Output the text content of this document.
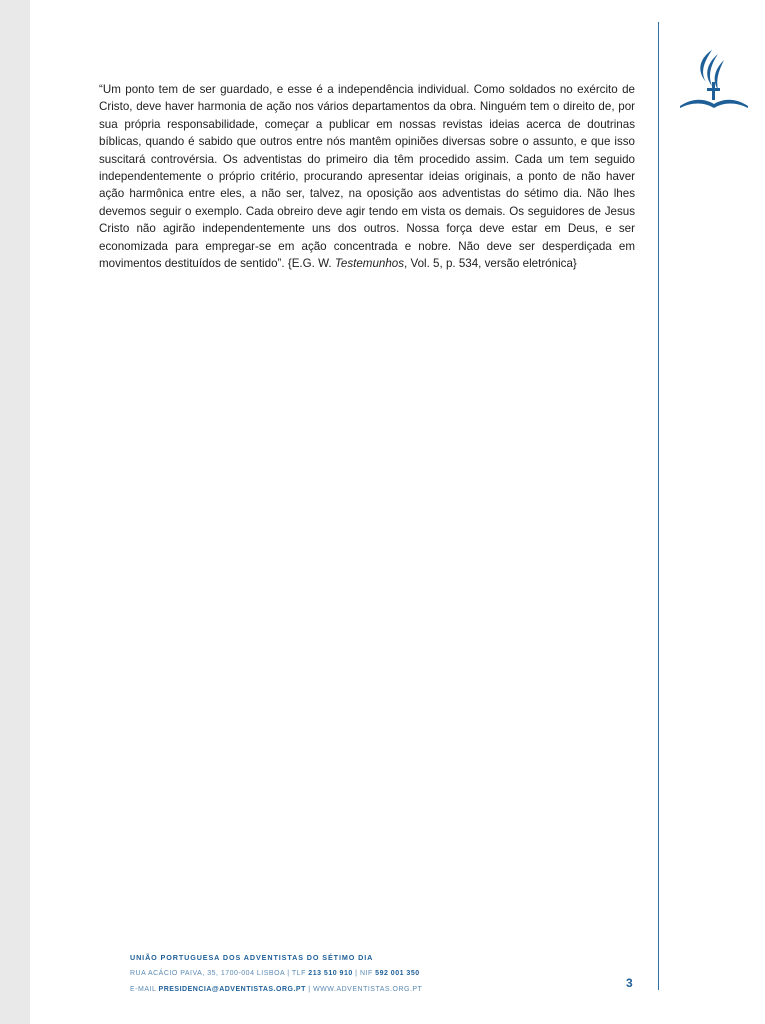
“Um ponto tem de ser guardado, e esse é a independência individual. Como soldados no exército de Cristo, deve haver harmonia de ação nos vários departamentos da obra. Ninguém tem o direito de, por sua própria responsabilidade, começar a publicar em nossas revistas ideias acerca de doutrinas bíblicas, quando é sabido que outros entre nós mantêm opiniões diversas sobre o assunto, e que isso suscitará controvérsia. Os adventistas do primeiro dia têm procedido assim. Cada um tem seguido independentemente o próprio critério, procurando apresentar ideias originais, a ponto de não haver ação harmônica entre eles, a não ser, talvez, na oposição aos adventistas do sétimo dia. Não lhes devemos seguir o exemplo. Cada obreiro deve agir tendo em vista os demais. Os seguidores de Jesus Cristo não agirão independentemente uns dos outros. Nossa força deve estar em Deus, e ser economizada para empregar-se em ação concentrada e nobre. Não deve ser desperdiçada em movimentos destituídos de sentido”. {E.G. W. Testemunhos, Vol. 5, p. 534, versão eletrónica}

UNIÃO PORTUGUESA DOS ADVENTISTAS DO SÉTIMO DIA
RUA ACÁCIO PAIVA, 35, 1700-004 LISBOA | TLF 213 510 910 | NIF 592 001 350
E-MAIL PRESIDENCIA@ADVENTISTAS.ORG.PT | WWW.ADVENTISTAS.ORG.PT	3
